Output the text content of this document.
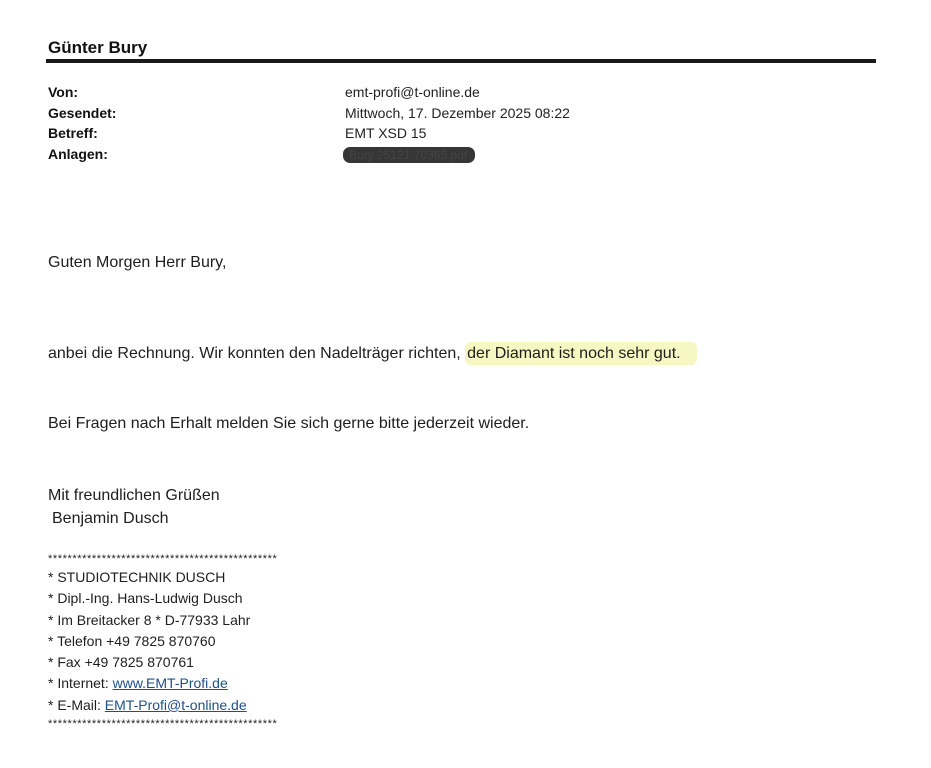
Günter Bury
Von:	emt-profi@t-online.de
Gesendet:	Mittwoch, 17. Dezember 2025 08:22
Betreff:	EMT XSD 15
Anlagen:	Bury 25121 70365.pdf
Guten Morgen Herr Bury,
anbei die Rechnung. Wir konnten den Nadelträger richten, der Diamant ist noch sehr gut.
Bei Fragen nach Erhalt melden Sie sich gerne bitte jederzeit wieder.
Mit freundlichen Grüßen
Benjamin Dusch
***********************************************
* STUDIOTECHNIK DUSCH
* Dipl.-Ing. Hans-Ludwig Dusch
* Im Breitacker 8 * D-77933 Lahr
* Telefon +49 7825 870760
* Fax +49 7825 870761
* Internet: www.EMT-Profi.de
* E-Mail: EMT-Profi@t-online.de
***********************************************
